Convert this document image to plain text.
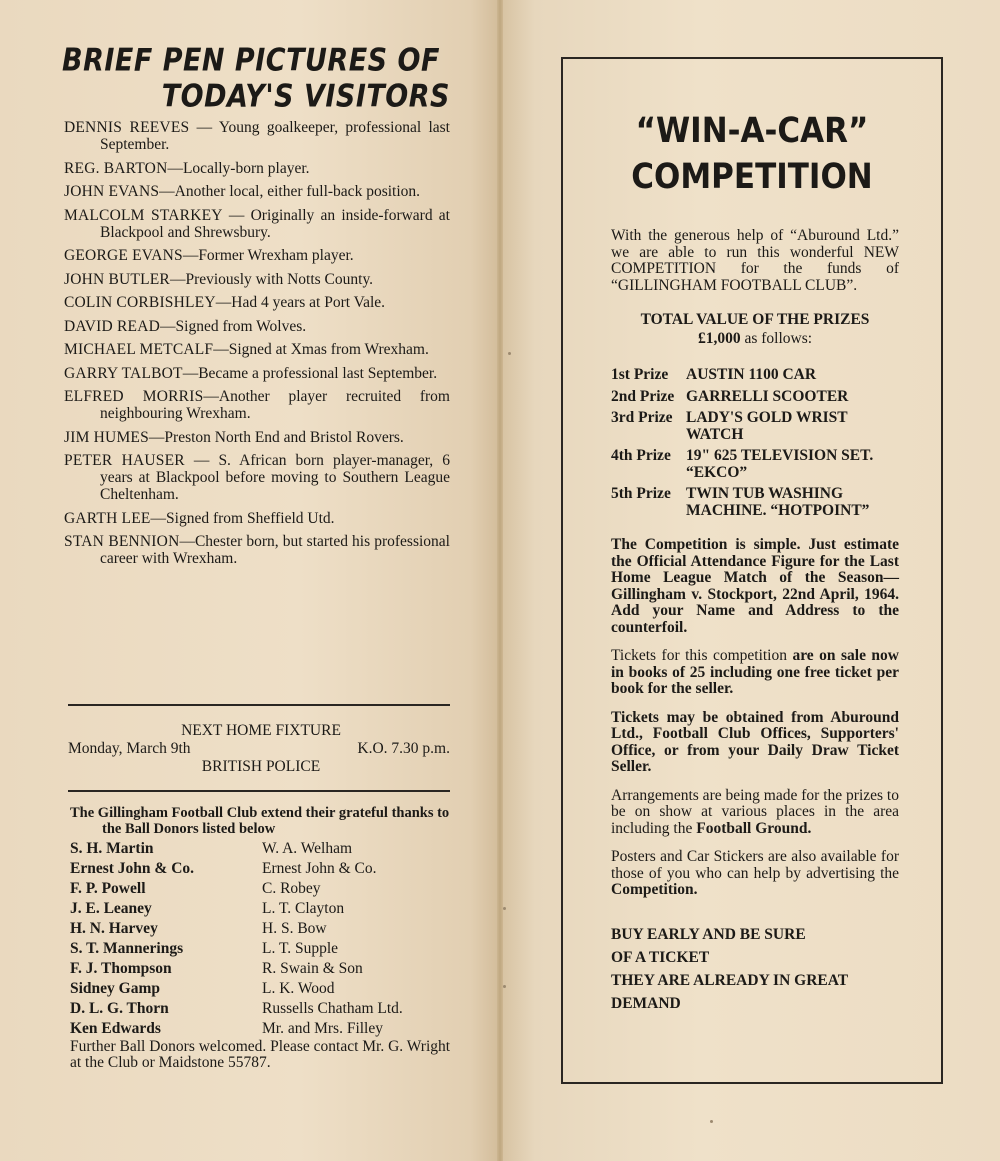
BRIEF PEN PICTURES OF
TODAY'S VISITORS

DENNIS REEVES — Young goalkeeper, professional last September.

REG. BARTON—Locally-born player.

JOHN EVANS—Another local, either full-back position.

MALCOLM STARKEY — Originally an inside-forward at Blackpool and Shrewsbury.

GEORGE EVANS—Former Wrexham player.

JOHN BUTLER—Previously with Notts County.

COLIN CORBISHLEY—Had 4 years at Port Vale.

DAVID READ—Signed from Wolves.

MICHAEL METCALF—Signed at Xmas from Wrexham.

GARRY TALBOT—Became a professional last September.

ELFRED MORRIS—Another player recruited from neighbouring Wrexham.

JIM HUMES—Preston North End and Bristol Rovers.

PETER HAUSER — S. African born player-manager, 6 years at Blackpool before moving to Southern League Cheltenham.

GARTH LEE—Signed from Sheffield Utd.

STAN BENNION—Chester born, but started his professional career with Wrexham.

NEXT HOME FIXTURE
Monday, March 9th	K.O. 7.30 p.m.
BRITISH POLICE
The Gillingham Football Club extend their grateful thanks to the Ball Donors listed below
S. H. Martin	W. A. Welham
Ernest John & Co.	Ernest John & Co.
F. P. Powell	C. Robey
J. E. Leaney	L. T. Clayton
H. N. Harvey	H. S. Bow
S. T. Mannerings	L. T. Supple
F. J. Thompson	R. Swain & Son
Sidney Gamp	L. K. Wood
D. L. G. Thorn	Russells Chatham Ltd.
Ken Edwards	Mr. and Mrs. Filley
Further Ball Donors welcomed. Please contact Mr. G. Wright at the Club or Maidstone 55787.
“WIN-A-CAR”
COMPETITION

With the generous help of “Aburound Ltd.” we are able to run this wonderful NEW COMPETITION for the funds of “GILLINGHAM FOOTBALL CLUB”.

TOTAL VALUE OF THE PRIZES

£1,000 as follows:

1st Prize	AUSTIN 1100 CAR
2nd Prize GARRELLI SCOOTER
3rd Prize LADY'S GOLD WRIST WATCH
4th Prize 19" 625 TELEVISION SET. “EKCO”
5th Prize TWIN TUB WASHING MACHINE. “HOTPOINT”

The Competition is simple. Just estimate the Official Attendance Figure for the Last Home League Match of the Season—Gillingham v. Stockport, 22nd April, 1964. Add your Name and Address to the counterfoil.

Tickets for this competition are on sale now in books of 25 including one free ticket per book for the seller.

Tickets may be obtained from Aburound Ltd., Football Club Offices, Supporters' Office, or from your Daily Draw Ticket Seller.

Arrangements are being made for the prizes to be on show at various places in the area including the Football Ground.

Posters and Car Stickers are also available for those of you who can help by advertising the Competition.

BUY EARLY AND BE SURE
OF A TICKET
THEY ARE ALREADY IN GREAT
DEMAND
